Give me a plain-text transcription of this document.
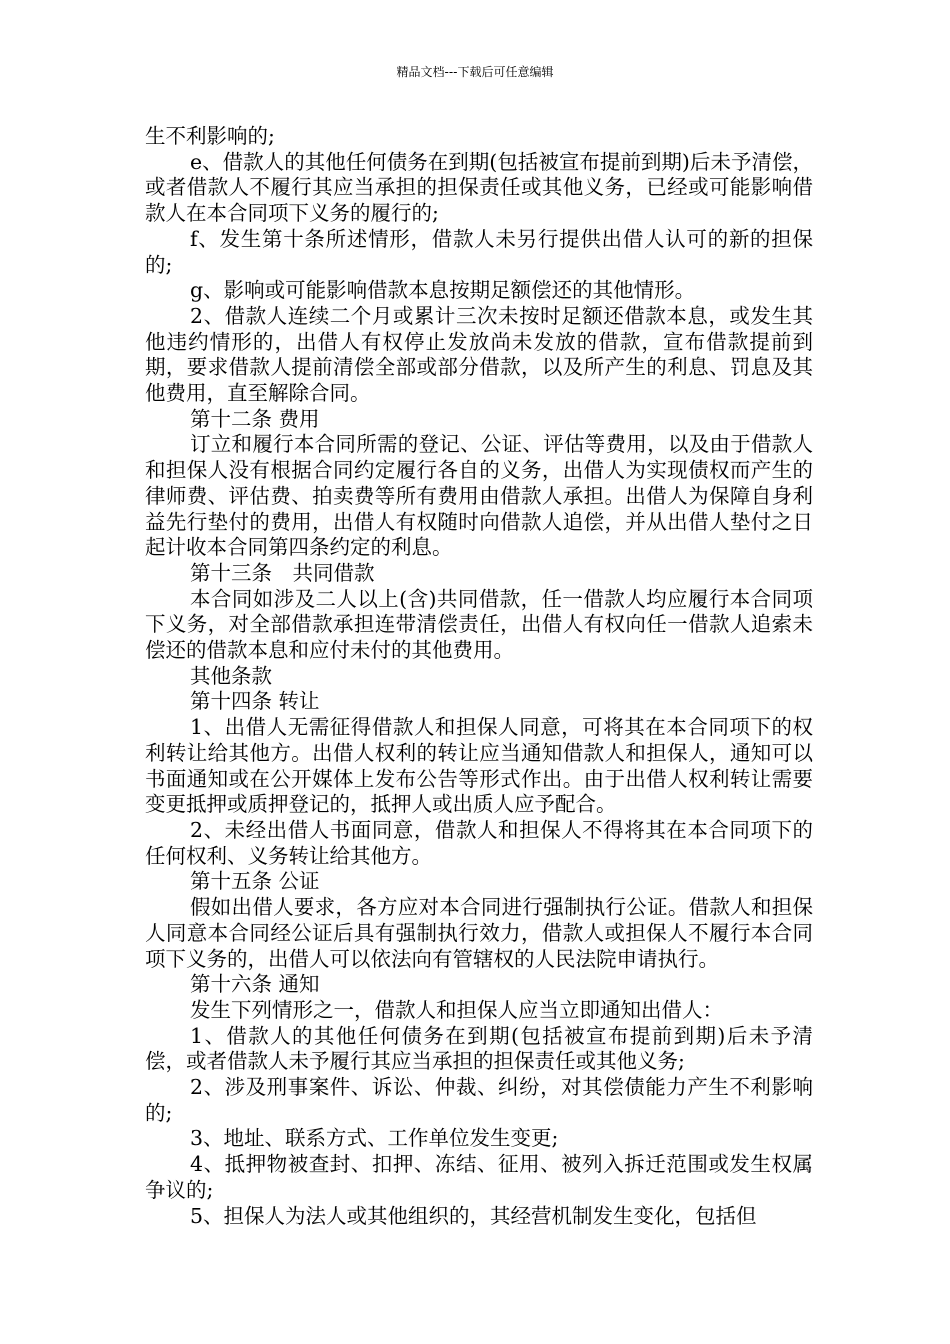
精品文档---下载后可任意编辑

生不利影响的;

e、借款人的其他任何债务在到期(包括被宣布提前到期)后未予清偿，或者借款人不履行其应当承担的担保责任或其他义务，已经或可能影响借款人在本合同项下义务的履行的;

f、发生第十条所述情形，借款人未另行提供出借人认可的新的担保的;

g、影响或可能影响借款本息按期足额偿还的其他情形。

2、借款人连续二个月或累计三次未按时足额还借款本息，或发生其他违约情形的，出借人有权停止发放尚未发放的借款，宣布借款提前到期，要求借款人提前清偿全部或部分借款，以及所产生的利息、罚息及其他费用，直至解除合同。

第十二条 费用

订立和履行本合同所需的登记、公证、评估等费用，以及由于借款人和担保人没有根据合同约定履行各自的义务，出借人为实现债权而产生的律师费、评估费、拍卖费等所有费用由借款人承担。出借人为保障自身利益先行垫付的费用，出借人有权随时向借款人追偿，并从出借人垫付之日起计收本合同第四条约定的利息。

第十三条　共同借款

本合同如涉及二人以上(含)共同借款，任一借款人均应履行本合同项下义务，对全部借款承担连带清偿责任，出借人有权向任一借款人追索未偿还的借款本息和应付未付的其他费用。

其他条款

第十四条 转让

1、出借人无需征得借款人和担保人同意，可将其在本合同项下的权利转让给其他方。出借人权利的转让应当通知借款人和担保人，通知可以书面通知或在公开媒体上发布公告等形式作出。由于出借人权利转让需要变更抵押或质押登记的，抵押人或出质人应予配合。

2、未经出借人书面同意，借款人和担保人不得将其在本合同项下的任何权利、义务转让给其他方。

第十五条 公证

假如出借人要求，各方应对本合同进行强制执行公证。借款人和担保人同意本合同经公证后具有强制执行效力，借款人或担保人不履行本合同项下义务的，出借人可以依法向有管辖权的人民法院申请执行。

第十六条 通知

发生下列情形之一，借款人和担保人应当立即通知出借人：

1、借款人的其他任何债务在到期(包括被宣布提前到期)后未予清偿，或者借款人未予履行其应当承担的担保责任或其他义务;

2、涉及刑事案件、诉讼、仲裁、纠纷，对其偿债能力产生不利影响的;

3、地址、联系方式、工作单位发生变更;

4、抵押物被查封、扣押、冻结、征用、被列入拆迁范围或发生权属争议的;

5、担保人为法人或其他组织的，其经营机制发生变化，包括但
